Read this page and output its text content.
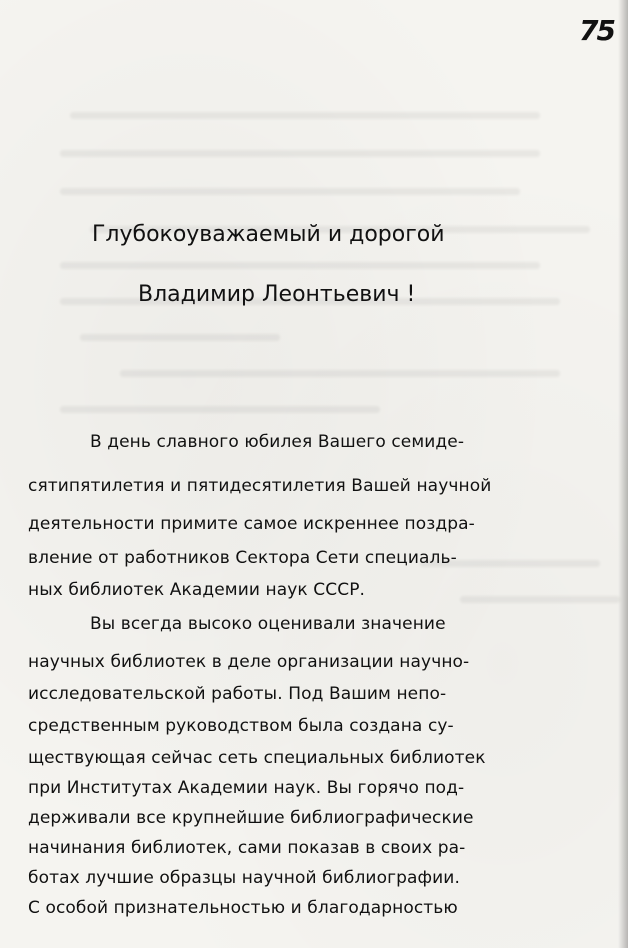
75
Глубокоуважаемый и дорогой
Владимир Леонтьевич !
В день славного юбилея Вашего семиде-
сятипятилетия и пятидесятилетия Вашей научной
деятельности примите самое искреннее поздра-
вление от работников Сектора Сети специаль-
ных библиотек Академии наук СССР.
Вы всегда высоко оценивали значение
научных библиотек в деле организации научно-
исследовательской работы. Под Вашим непо-
средственным руководством была создана су-
ществующая сейчас сеть специальных библиотек
при Институтах Академии наук. Вы горячо под-
держивали все крупнейшие библиографические
начинания библиотек, сами показав в своих ра-
ботах лучшие образцы научной библиографии.
С особой признательностью и благодарностью
